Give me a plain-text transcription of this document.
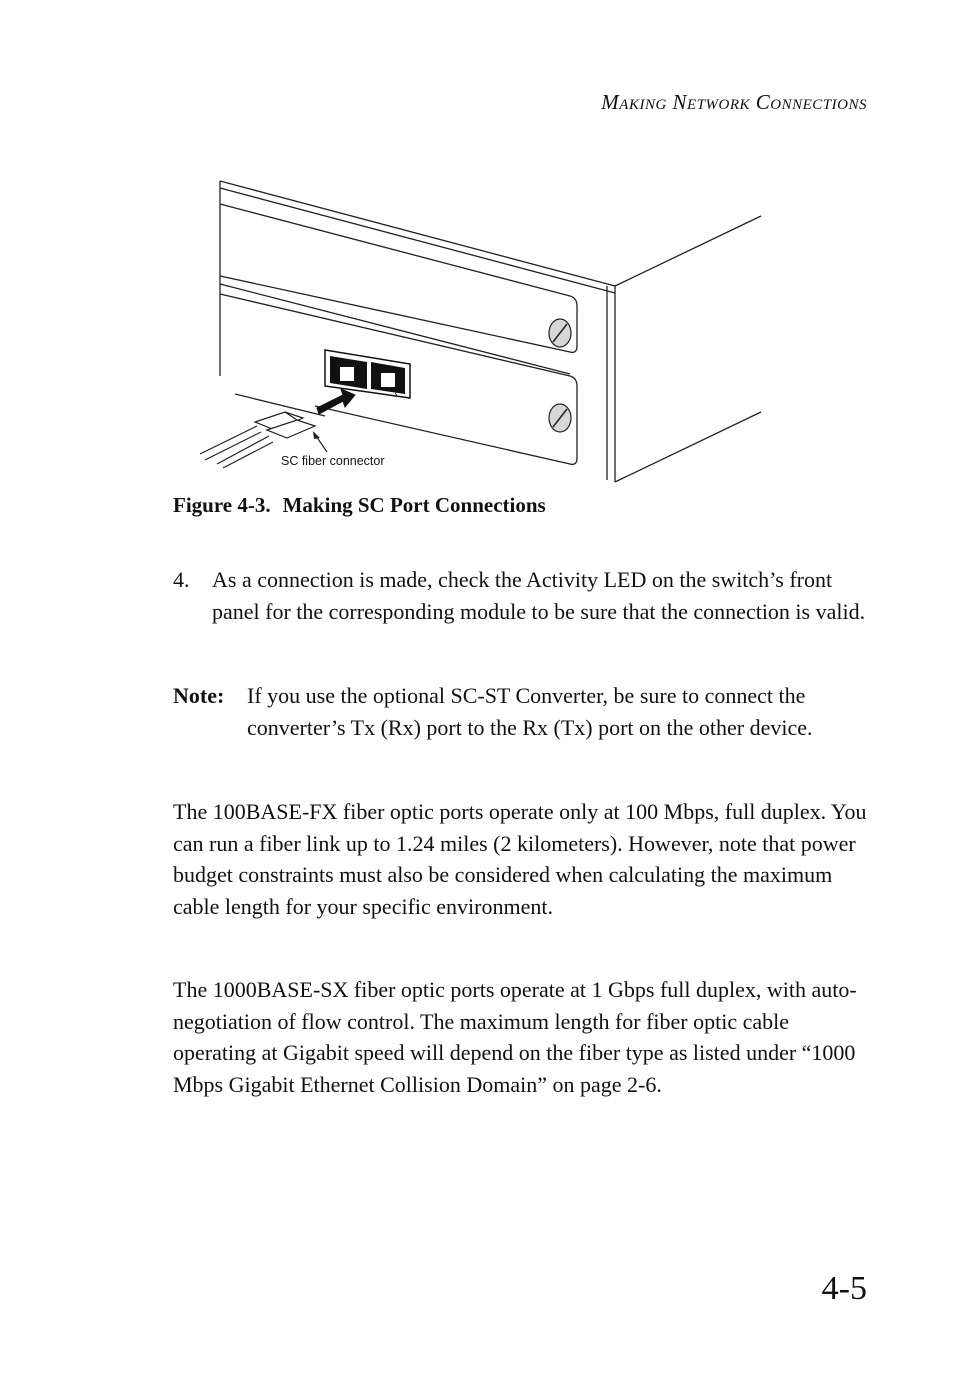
Making Network Connections
SC fiber connector
Figure 4-3. Making SC Port Connections
4. As a connection is made, check the Activity LED on the switch’s front panel for the corresponding module to be sure that the connection is valid.
Note: If you use the optional SC-ST Converter, be sure to connect the converter’s Tx (Rx) port to the Rx (Tx) port on the other device.
The 100BASE-FX fiber optic ports operate only at 100 Mbps, full duplex. You can run a fiber link up to 1.24 miles (2 kilometers). However, note that power budget constraints must also be considered when calculating the maximum cable length for your specific environment.
The 1000BASE-SX fiber optic ports operate at 1 Gbps full duplex, with auto-negotiation of flow control. The maximum length for fiber optic cable operating at Gigabit speed will depend on the fiber type as listed under “1000 Mbps Gigabit Ethernet Collision Domain” on page 2-6.
4-5
